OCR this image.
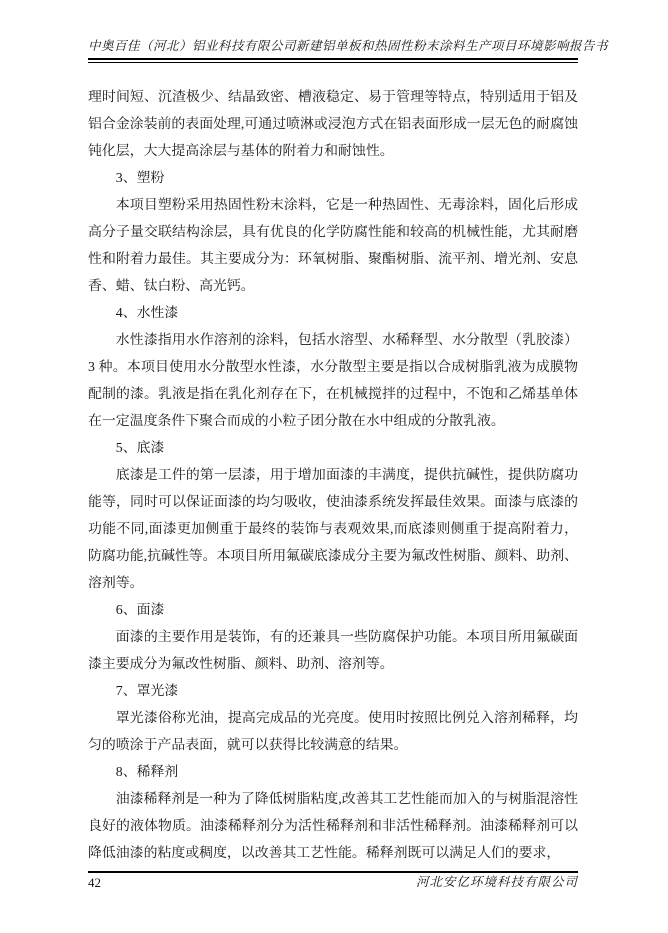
中奥百佳（河北）铝业科技有限公司新建铝单板和热固性粉末涂料生产项目环境影响报告书

理时间短、沉渣极少、结晶致密、槽液稳定、易于管理等特点，特别适用于铝及铝合金涂装前的表面处理,可通过喷淋或浸泡方式在铝表面形成一层无色的耐腐蚀钝化层，大大提高涂层与基体的附着力和耐蚀性。

3、塑粉

本项目塑粉采用热固性粉末涂料，它是一种热固性、无毒涂料，固化后形成高分子量交联结构涂层，具有优良的化学防腐性能和较高的机械性能，尤其耐磨性和附着力最佳。其主要成分为：环氧树脂、聚酯树脂、流平剂、增光剂、安息香、蜡、钛白粉、高光钙。

4、水性漆

水性漆指用水作溶剂的涂料，包括水溶型、水稀释型、水分散型（乳胶漆）3 种。本项目使用水分散型水性漆，水分散型主要是指以合成树脂乳液为成膜物配制的漆。乳液是指在乳化剂存在下，在机械搅拌的过程中，不饱和乙烯基单体在一定温度条件下聚合而成的小粒子团分散在水中组成的分散乳液。

5、底漆

底漆是工件的第一层漆，用于增加面漆的丰满度，提供抗碱性，提供防腐功能等，同时可以保证面漆的均匀吸收，使油漆系统发挥最佳效果。面漆与底漆的功能不同,面漆更加侧重于最终的装饰与表观效果,而底漆则侧重于提高附着力，防腐功能,抗碱性等。本项目所用氟碳底漆成分主要为氟改性树脂、颜料、助剂、溶剂等。

6、面漆

面漆的主要作用是装饰，有的还兼具一些防腐保护功能。本项目所用氟碳面漆主要成分为氟改性树脂、颜料、助剂、溶剂等。

7、罩光漆

罩光漆俗称光油，提高完成品的光亮度。使用时按照比例兑入溶剂稀释，均匀的喷涂于产品表面，就可以获得比较满意的结果。

8、稀释剂

油漆稀释剂是一种为了降低树脂粘度,改善其工艺性能而加入的与树脂混溶性良好的液体物质。油漆稀释剂分为活性稀释剂和非活性稀释剂。油漆稀释剂可以降低油漆的粘度或稠度，以改善其工艺性能。稀释剂既可以满足人们的要求，

42	河北安亿环境科技有限公司
